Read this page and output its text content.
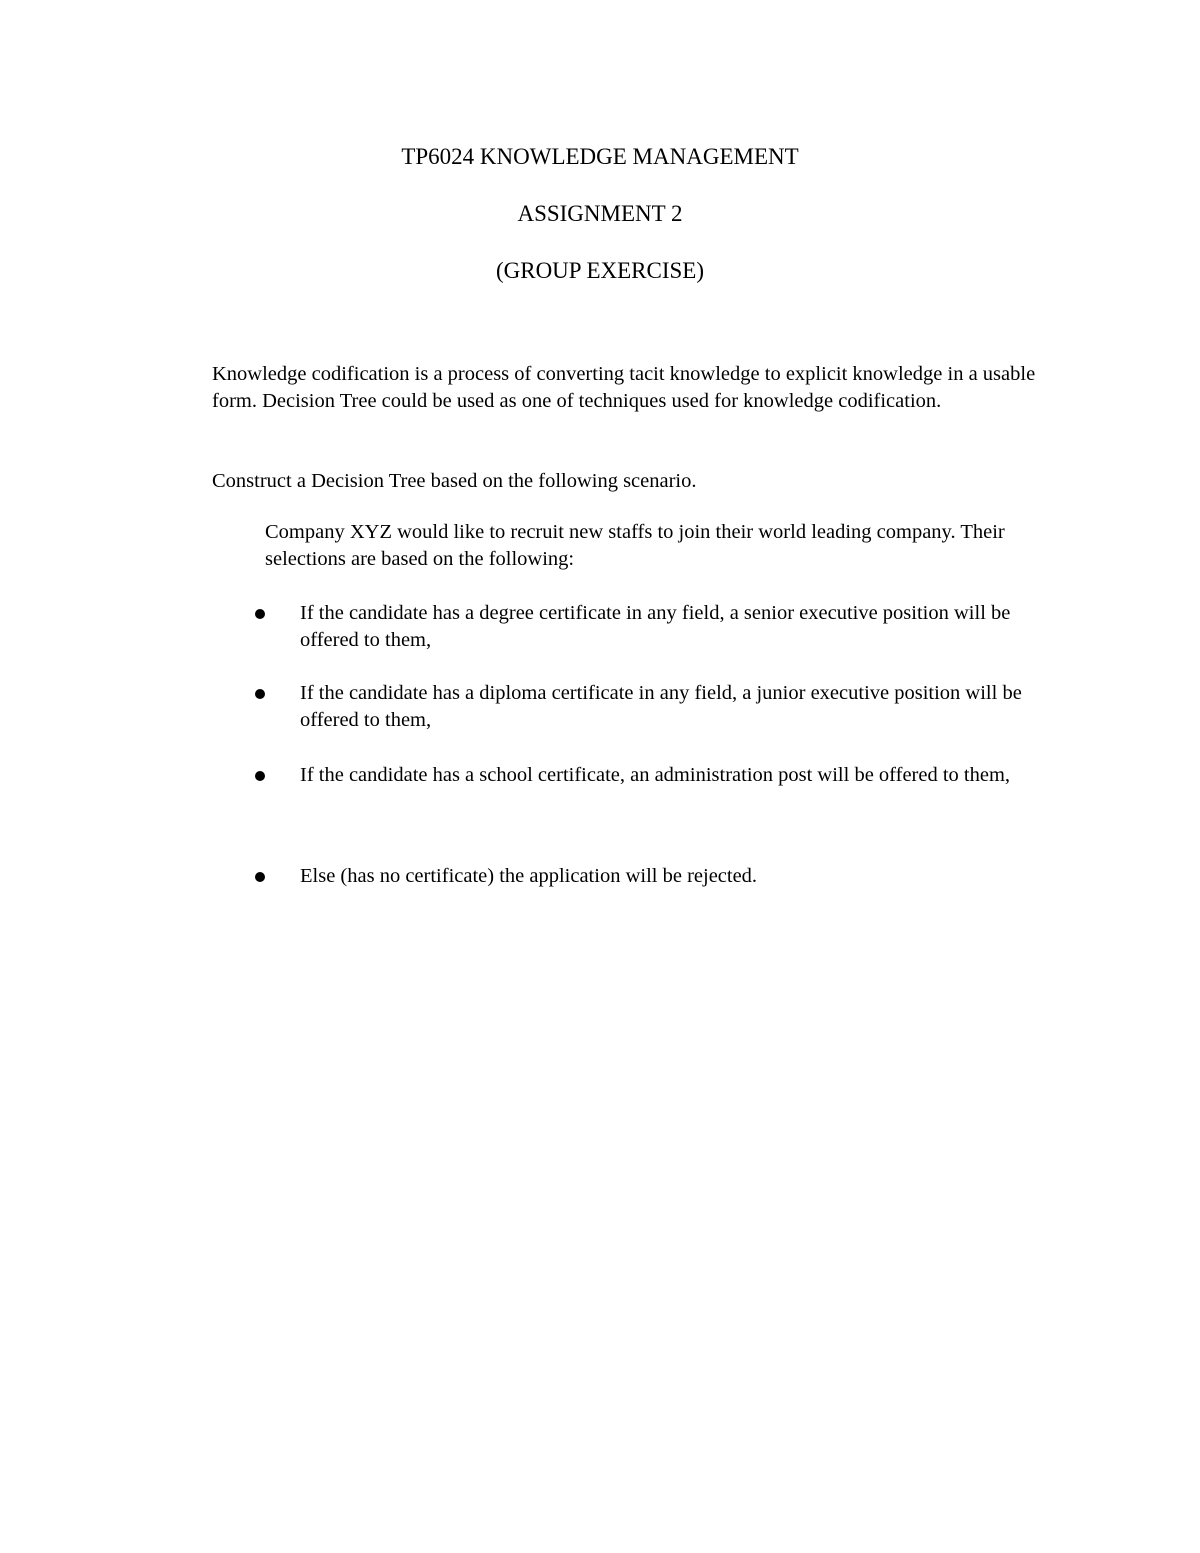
TP6024 KNOWLEDGE MANAGEMENT
ASSIGNMENT 2
(GROUP EXERCISE)
Knowledge codification is a process of converting tacit knowledge to explicit knowledge in a usable form. Decision Tree could be used as one of techniques used for knowledge codification.
Construct a Decision Tree based on the following scenario.
Company XYZ would like to recruit new staffs to join their world leading company. Their selections are based on the following:
If the candidate has a degree certificate in any field, a senior executive position will be offered to them,
If the candidate has a diploma certificate in any field, a junior executive position will be offered to them,
If the candidate has a school certificate, an administration post will be offered to them,
Else (has no certificate) the application will be rejected.
